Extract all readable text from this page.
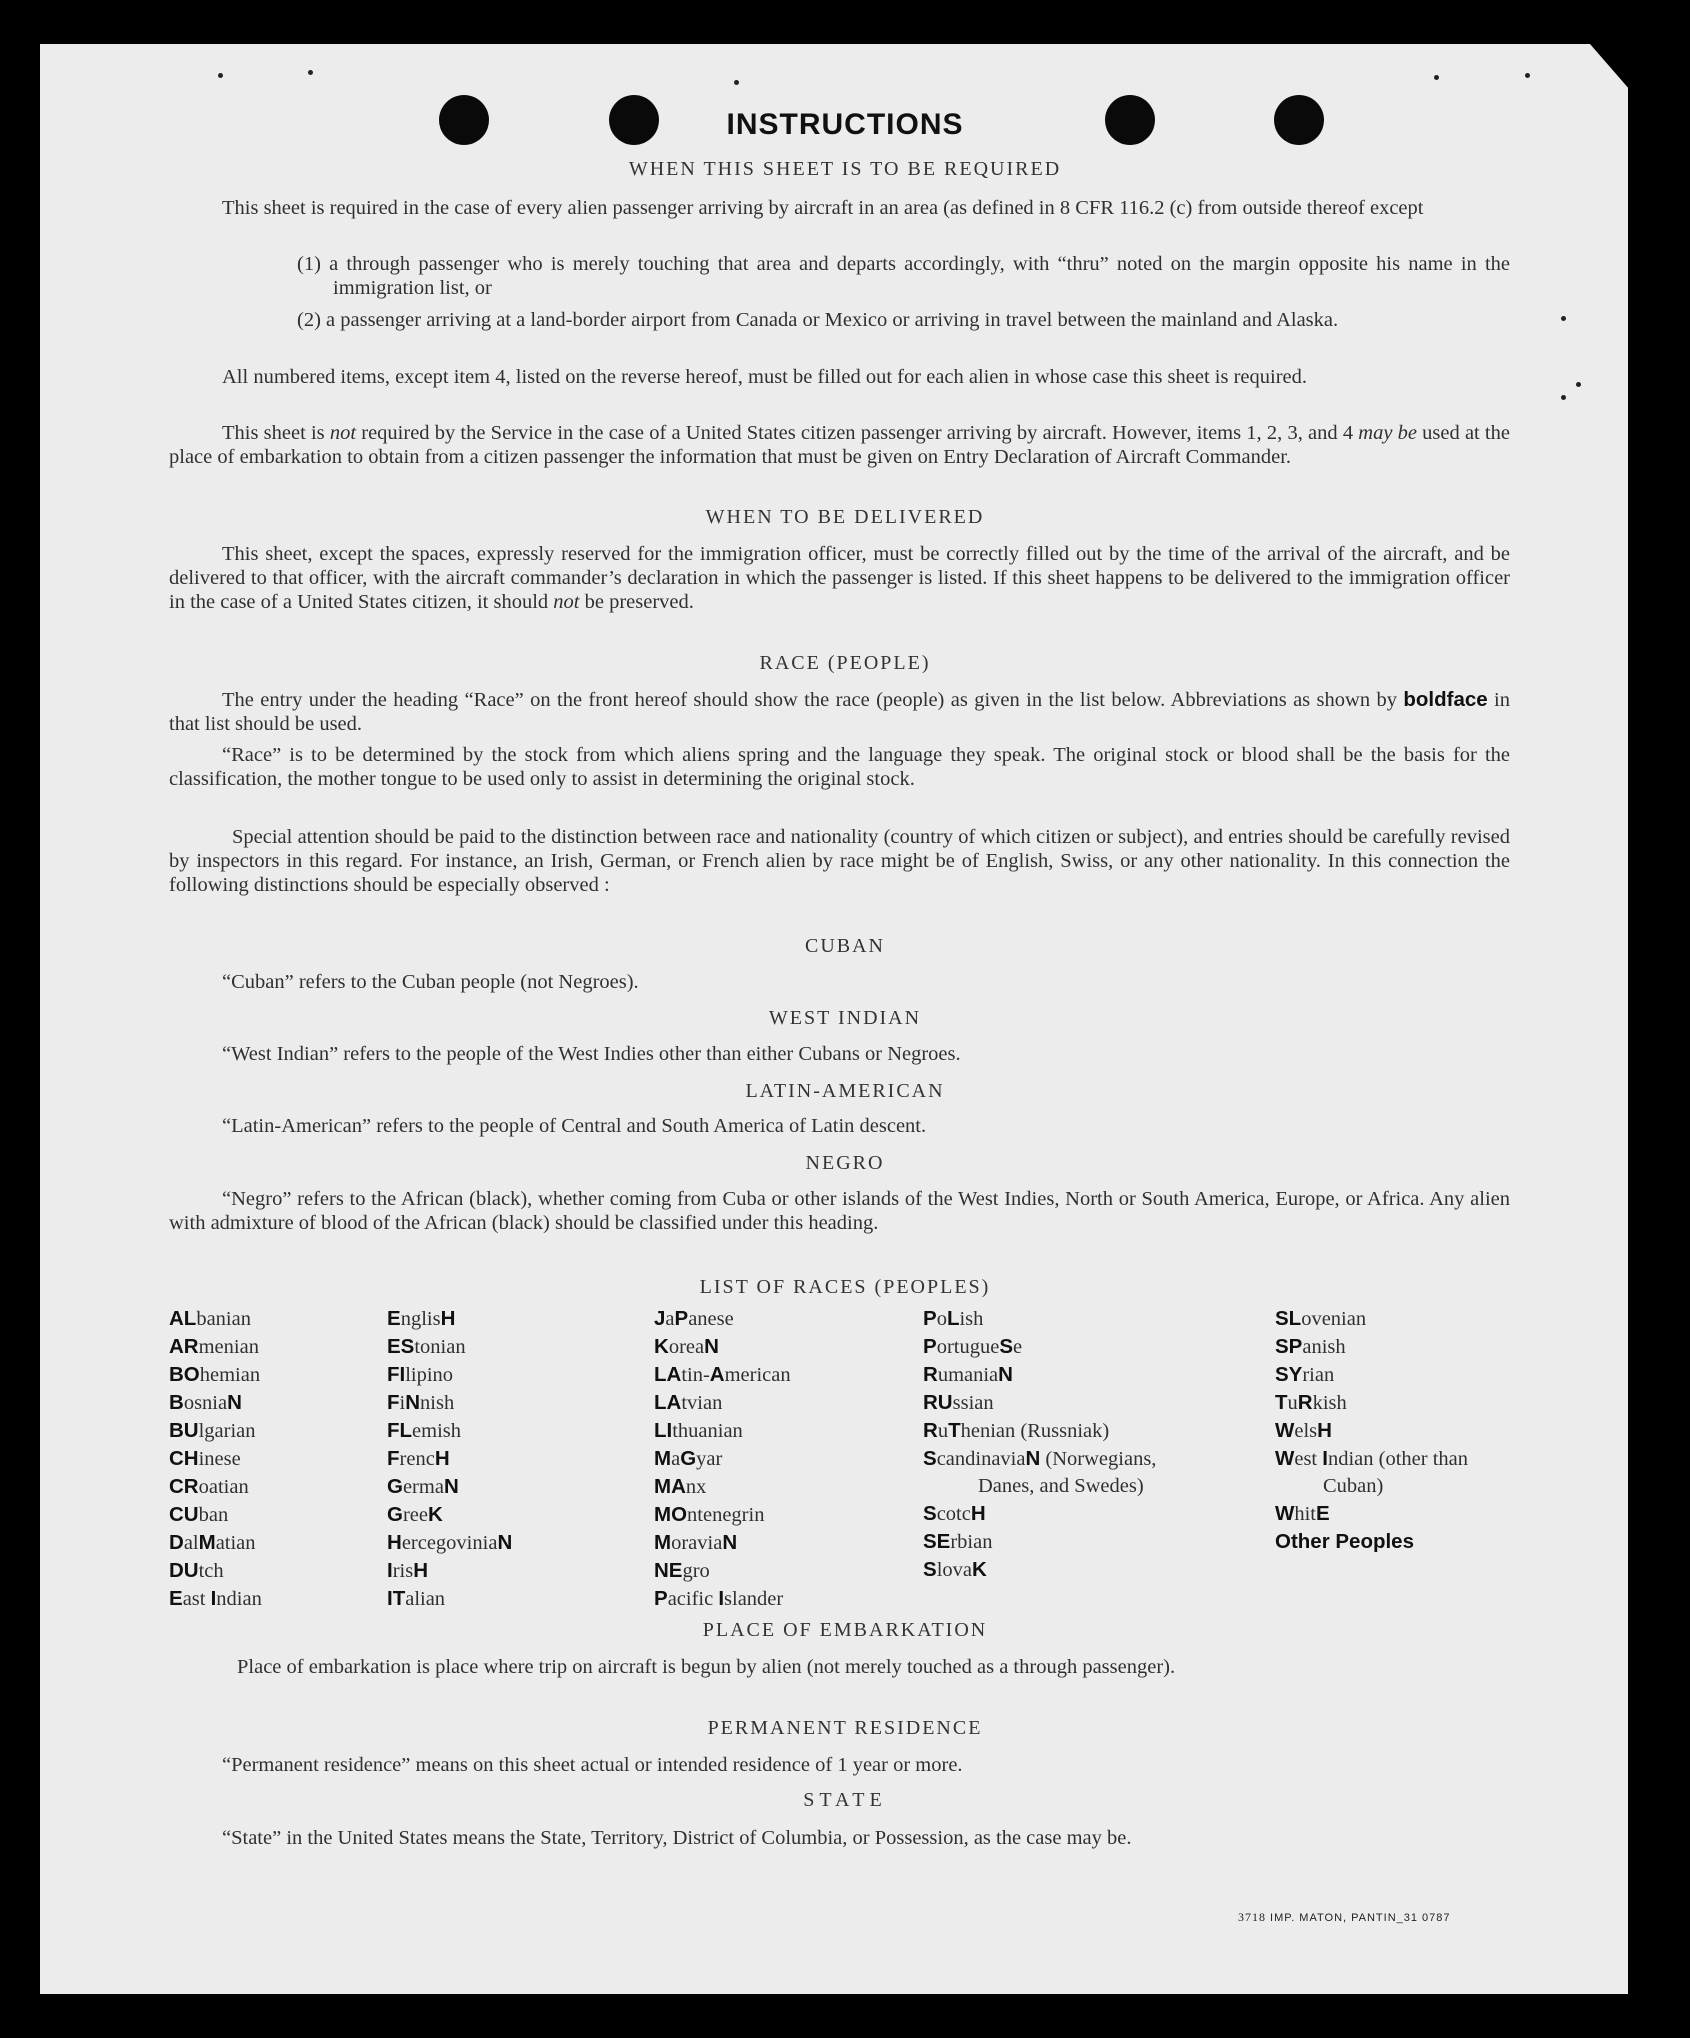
INSTRUCTIONS
WHEN THIS SHEET IS TO BE REQUIRED
This sheet is required in the case of every alien passenger arriving by aircraft in an area (as defined in 8 CFR 116.2 (c) from outside thereof except
(1) a through passenger who is merely touching that area and departs accordingly, with “thru” noted on the margin opposite his name in the immigration list, or
(2) a passenger arriving at a land-border airport from Canada or Mexico or arriving in travel between the mainland and Alaska.
All numbered items, except item 4, listed on the reverse hereof, must be filled out for each alien in whose case this sheet is required.
This sheet is not required by the Service in the case of a United States citizen passenger arriving by aircraft. However, items 1, 2, 3, and 4 may be used at the place of embarkation to obtain from a citizen passenger the information that must be given on Entry Declaration of Aircraft Commander.
WHEN TO BE DELIVERED
This sheet, except the spaces, expressly reserved for the immigration officer, must be correctly filled out by the time of the arrival of the aircraft, and be delivered to that officer, with the aircraft commander’s declaration in which the passenger is listed. If this sheet happens to be delivered to the immigration officer in the case of a United States citizen, it should not be preserved.
RACE (PEOPLE)
The entry under the heading “Race” on the front hereof should show the race (people) as given in the list below. Abbreviations as shown by boldface in that list should be used.
“Race” is to be determined by the stock from which aliens spring and the language they speak. The original stock or blood shall be the basis for the classification, the mother tongue to be used only to assist in determining the original stock.
Special attention should be paid to the distinction between race and nationality (country of which citizen or subject), and entries should be carefully revised by inspectors in this regard. For instance, an Irish, German, or French alien by race might be of English, Swiss, or any other nationality. In this connection the following distinctions should be especially observed :
CUBAN
“Cuban” refers to the Cuban people (not Negroes).
WEST INDIAN
“West Indian” refers to the people of the West Indies other than either Cubans or Negroes.
LATIN-AMERICAN
“Latin-American” refers to the people of Central and South America of Latin descent.
NEGRO
“Negro” refers to the African (black), whether coming from Cuba or other islands of the West Indies, North or South America, Europe, or Africa. Any alien with admixture of blood of the African (black) should be classified under this heading.
LIST OF RACES (PEOPLES)
ALbanian
ARmenian
BOhemian
BosniaN
BUlgarian
CHinese
CRoatian
CUban
DalMatian
DUtch
East Indian
EnglisH
EStonian
FIlipino
FiNnish
FLemish
FrencH
GermaN
GreeK
HercegoviniaN
IrisH
ITalian
JaPanese
KoreaN
LAtin-American
LAtvian
LIthuanian
MaGyar
MAnx
MOntenegrin
MoraviaN
NEgro
Pacific Islander
PoLish
PortugueSe
RumaniaN
RUssian
RuThenian (Russniak)
ScandinaviaN (Norwegians, Danes, and Swedes)
ScotcH
SErbian
SlovaK
SLovenian
SPanish
SYrian
TuRkish
WelsH
West Indian (other than Cuban)
WhitE
Other Peoples
PLACE OF EMBARKATION
Place of embarkation is place where trip on aircraft is begun by alien (not merely touched as a through passenger).
PERMANENT RESIDENCE
“Permanent residence” means on this sheet actual or intended residence of 1 year or more.
STATE
“State” in the United States means the State, Territory, District of Columbia, or Possession, as the case may be.
3718 IMP. MATON, PANTIN_31 0787
